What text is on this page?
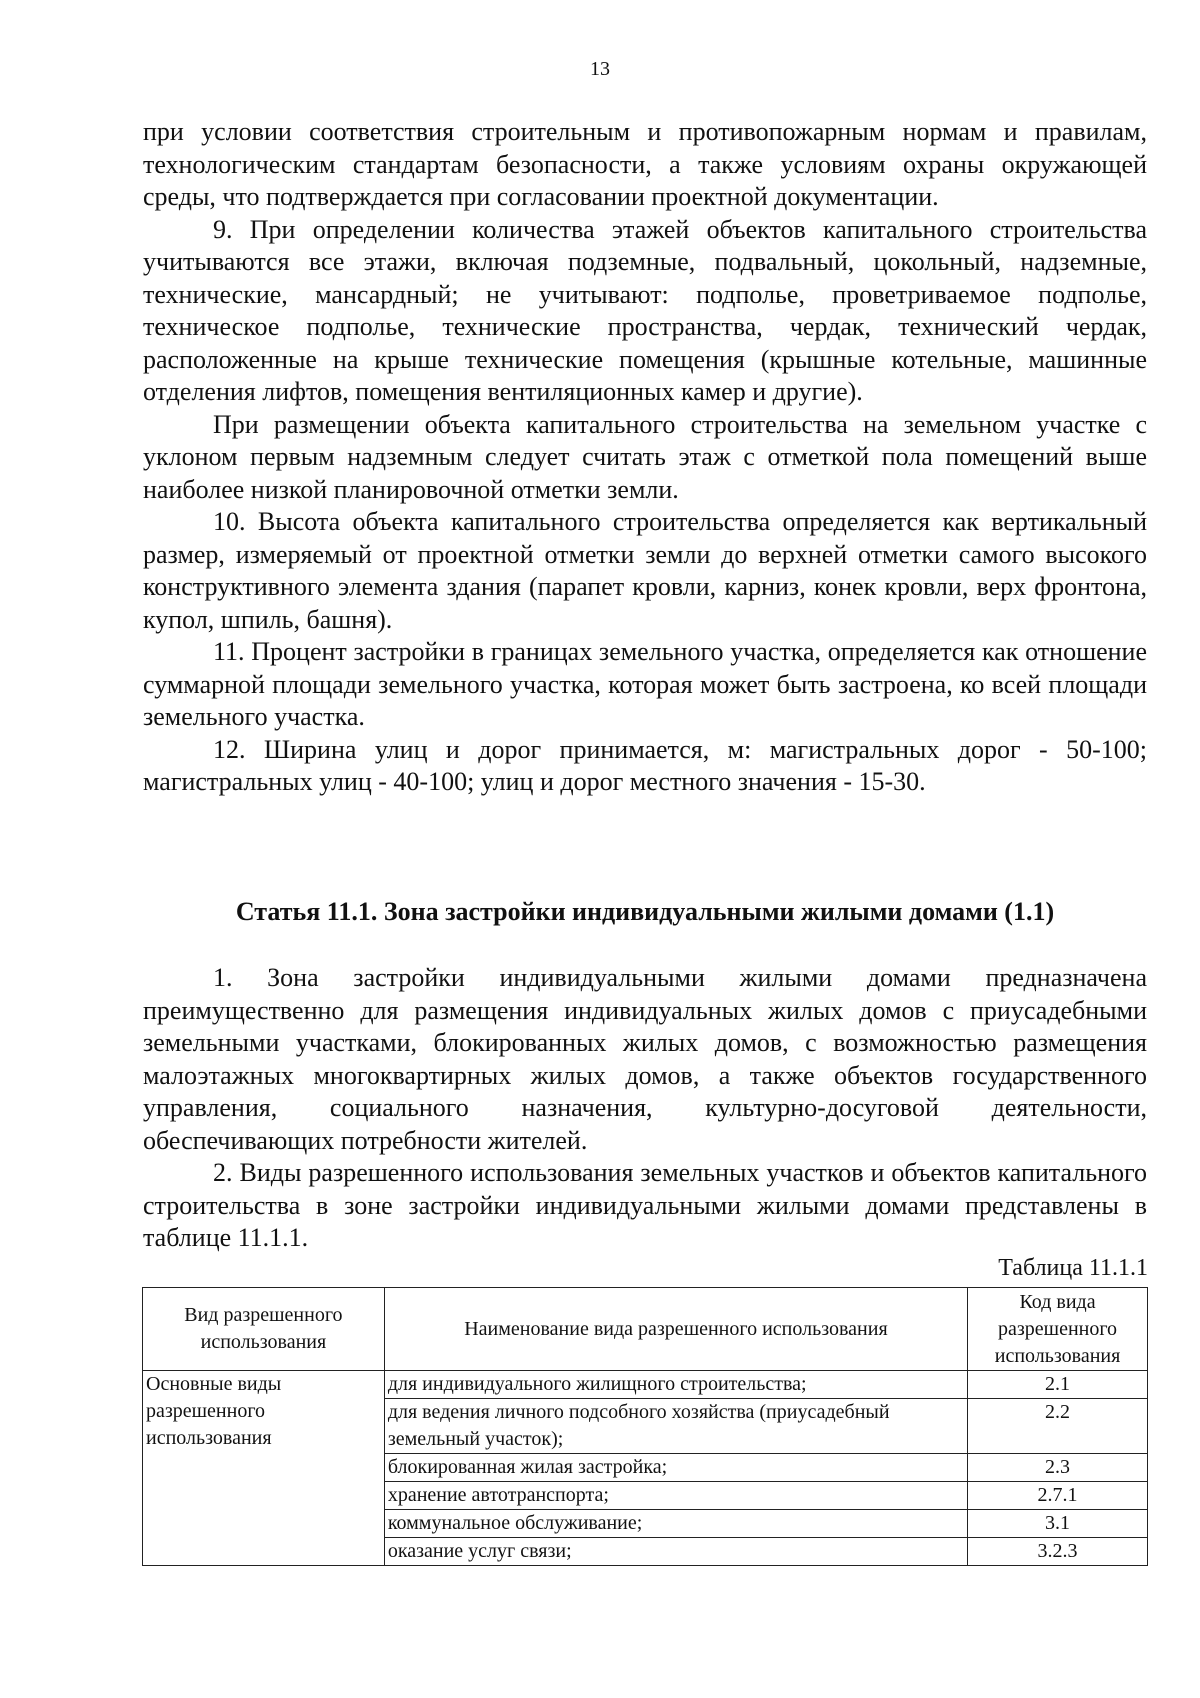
13

при условии соответствия строительным и противопожарным нормам и правилам, технологическим стандартам безопасности, а также условиям охраны окружающей среды, что подтверждается при согласовании проектной документации.

9. При определении количества этажей объектов капитального строительства учитываются все этажи, включая подземные, подвальный, цокольный, надземные, технические, мансардный; не учитывают: подполье, проветриваемое подполье, техническое подполье, технические пространства, чердак, технический чердак, расположенные на крыше технические помещения (крышные котельные, машинные отделения лифтов, помещения вентиляционных камер и другие).

При размещении объекта капитального строительства на земельном участке с уклоном первым надземным следует считать этаж с отметкой пола помещений выше наиболее низкой планировочной отметки земли.

10. Высота объекта капитального строительства определяется как вертикальный размер, измеряемый от проектной отметки земли до верхней отметки самого высокого конструктивного элемента здания (парапет кровли, карниз, конек кровли, верх фронтона, купол, шпиль, башня).

11. Процент застройки в границах земельного участка, определяется как отношение суммарной площади земельного участка, которая может быть застроена, ко всей площади земельного участка.

12. Ширина улиц и дорог принимается, м: магистральных дорог - 50-100; магистральных улиц - 40-100; улиц и дорог местного значения - 15-30.

Статья 11.1. Зона застройки индивидуальными жилыми домами (1.1)

1. Зона застройки индивидуальными жилыми домами предназначена преимущественно для размещения индивидуальных жилых домов с приусадебными земельными участками, блокированных жилых домов, с возможностью размещения малоэтажных многоквартирных жилых домов, а также объектов государственного управления, социального назначения, культурно-досуговой деятельности, обеспечивающих потребности жителей.

2. Виды разрешенного использования земельных участков и объектов капитального строительства в зоне застройки индивидуальными жилыми домами представлены в таблице 11.1.1.

Таблица 11.1.1
Вид разрешенного использования	Наименование вида разрешенного использования	Код вида разрешенного использования
Основные виды разрешенного использования	для индивидуального жилищного строительства;	2.1
	для ведения личного подсобного хозяйства (приусадебный земельный участок);	2.2
	блокированная жилая застройка;	2.3
	хранение автотранспорта;	2.7.1
	коммунальное обслуживание;	3.1
	оказание услуг связи;	3.2.3
